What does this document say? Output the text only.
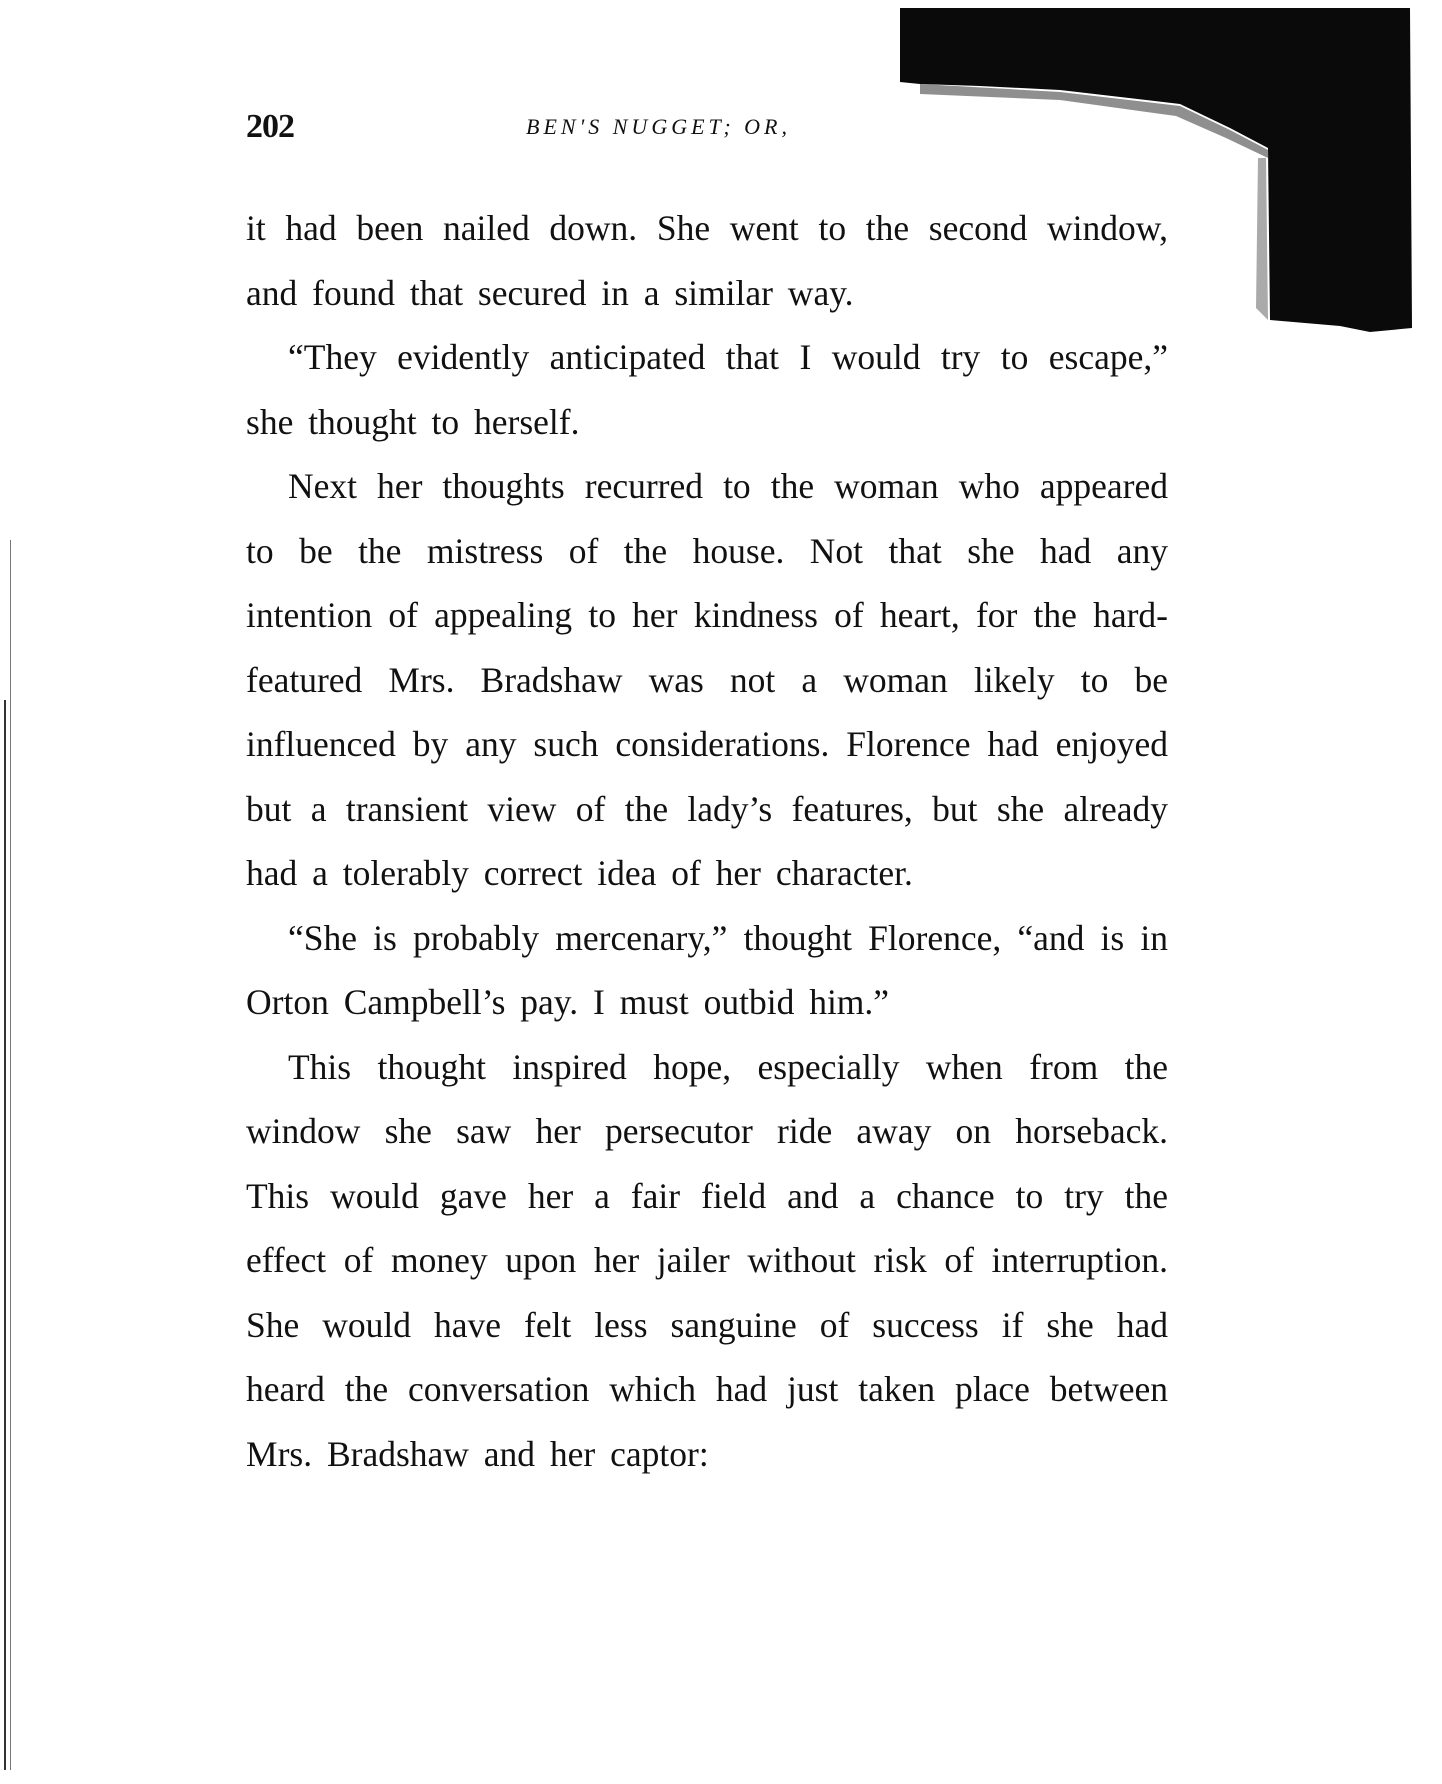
202	BEN'S NUGGET; OR,

it had been nailed down. She went to the second window, and found that secured in a similar way.

“They evidently anticipated that I would try to escape,” she thought to herself.

Next her thoughts recurred to the woman who appeared to be the mistress of the house. Not that she had any intention of appealing to her kindness of heart, for the hard-featured Mrs. Bradshaw was not a woman likely to be influenced by any such considerations. Florence had enjoyed but a transient view of the lady’s features, but she already had a tolerably correct idea of her character.

“She is probably mercenary,” thought Florence, “and is in Orton Campbell’s pay. I must outbid him.”

This thought inspired hope, especially when from the window she saw her persecutor ride away on horseback. This would gave her a fair field and a chance to try the effect of money upon her jailer without risk of interruption. She would have felt less sanguine of success if she had heard the conversation which had just taken place between Mrs. Bradshaw and her captor:
